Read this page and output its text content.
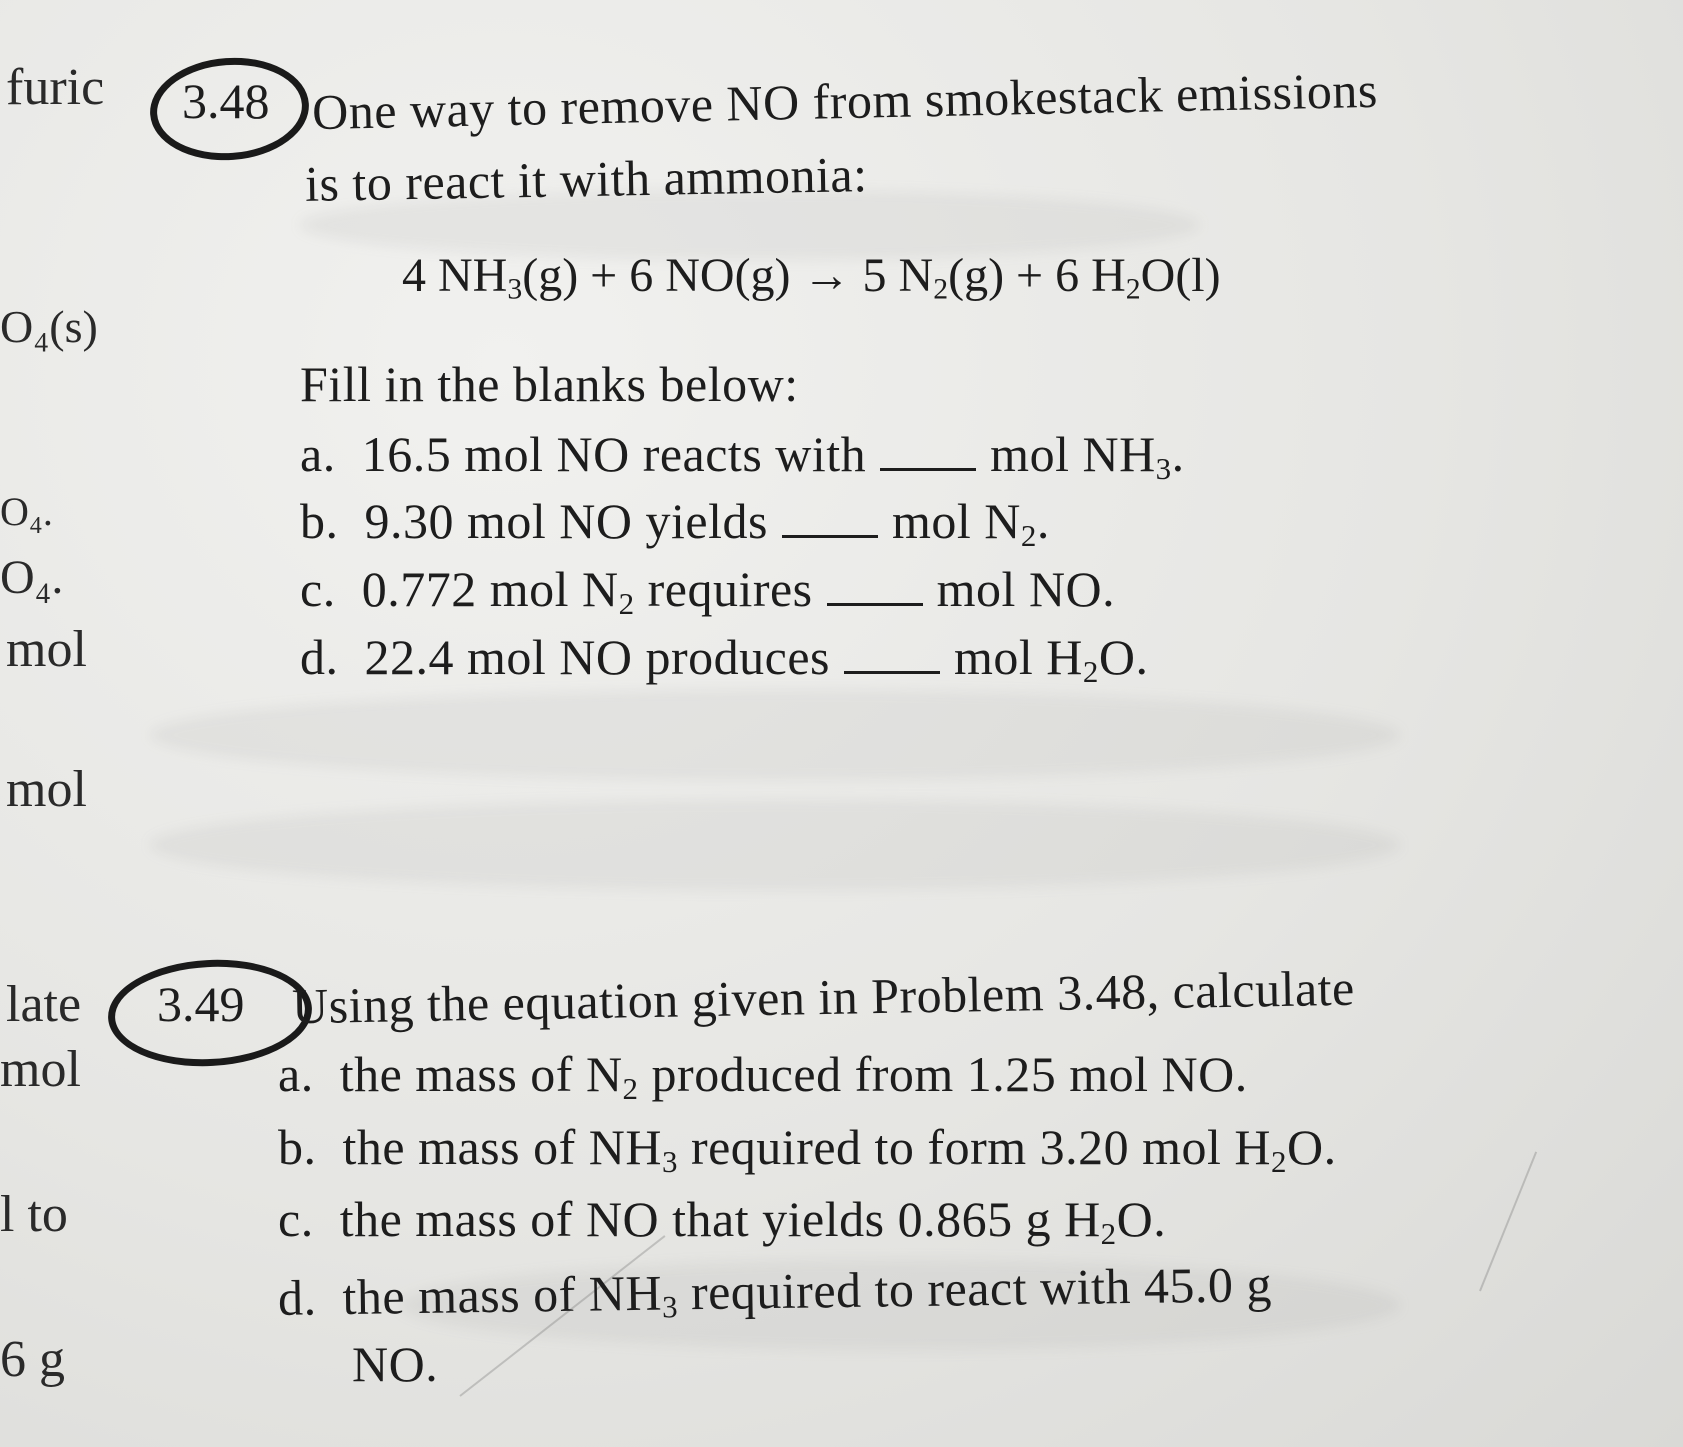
furic
O₄(s)
O₄.
O₄.
mol
mol
late
mol
l to
6 g
3.48 One way to remove NO from smokestack emissions
is to react it with ammonia:
4 $NH_3(g) + 6$ NO(g) → 5 $N_2(g) + 6$ $H_2O(l)$
Fill in the blanks below:
a. 16.5 mol NO reacts with mol $NH_3$.
b. 9.30 mol NO yields mol $N_2$.
c. 0.772 mol $N_2$ requires mol NO.
d. 22.4 mol NO produces mol $H_2O$.
3.49 Using the equation given in Problem 3.48, calculate
a. the mass of $N_2$ produced from 1.25 mol NO.
b. the mass of $NH_3$ required to form 3.20 mol $H_2O$.
c. the mass of NO that yields 0.865 g $H_2O$.
d. the mass of $NH_3$ required to react with 45.0 g
NO.
